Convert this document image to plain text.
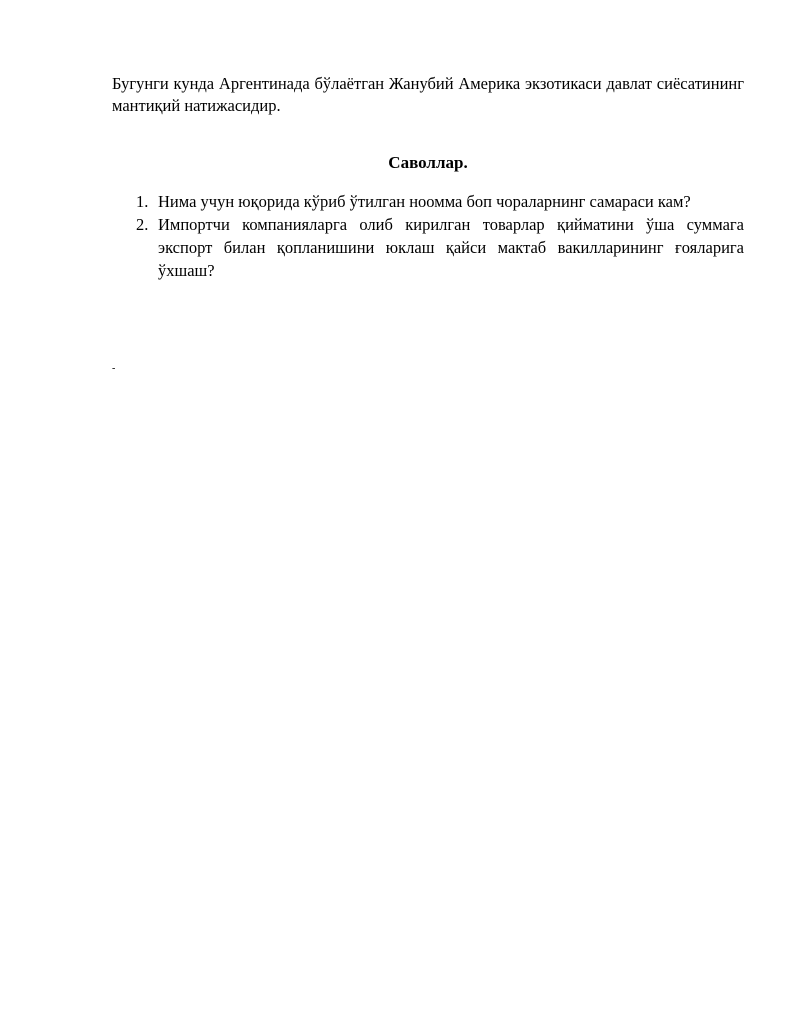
Бугунги кунда Аргентинада бўлаётган Жанубий Америка экзотикаси давлат сиёсатининг мантиқий натижасидир.

Саволлар.
1. Нима учун юқорида кўриб ўтилган ноомма боп чораларнинг самараси кам?
2. Импортчи компанияларга олиб кирилган товарлар қийматини ўша суммага экспорт билан қопланишини юклаш қайси мактаб вакилларининг ғояларига ўхшаш?
-
